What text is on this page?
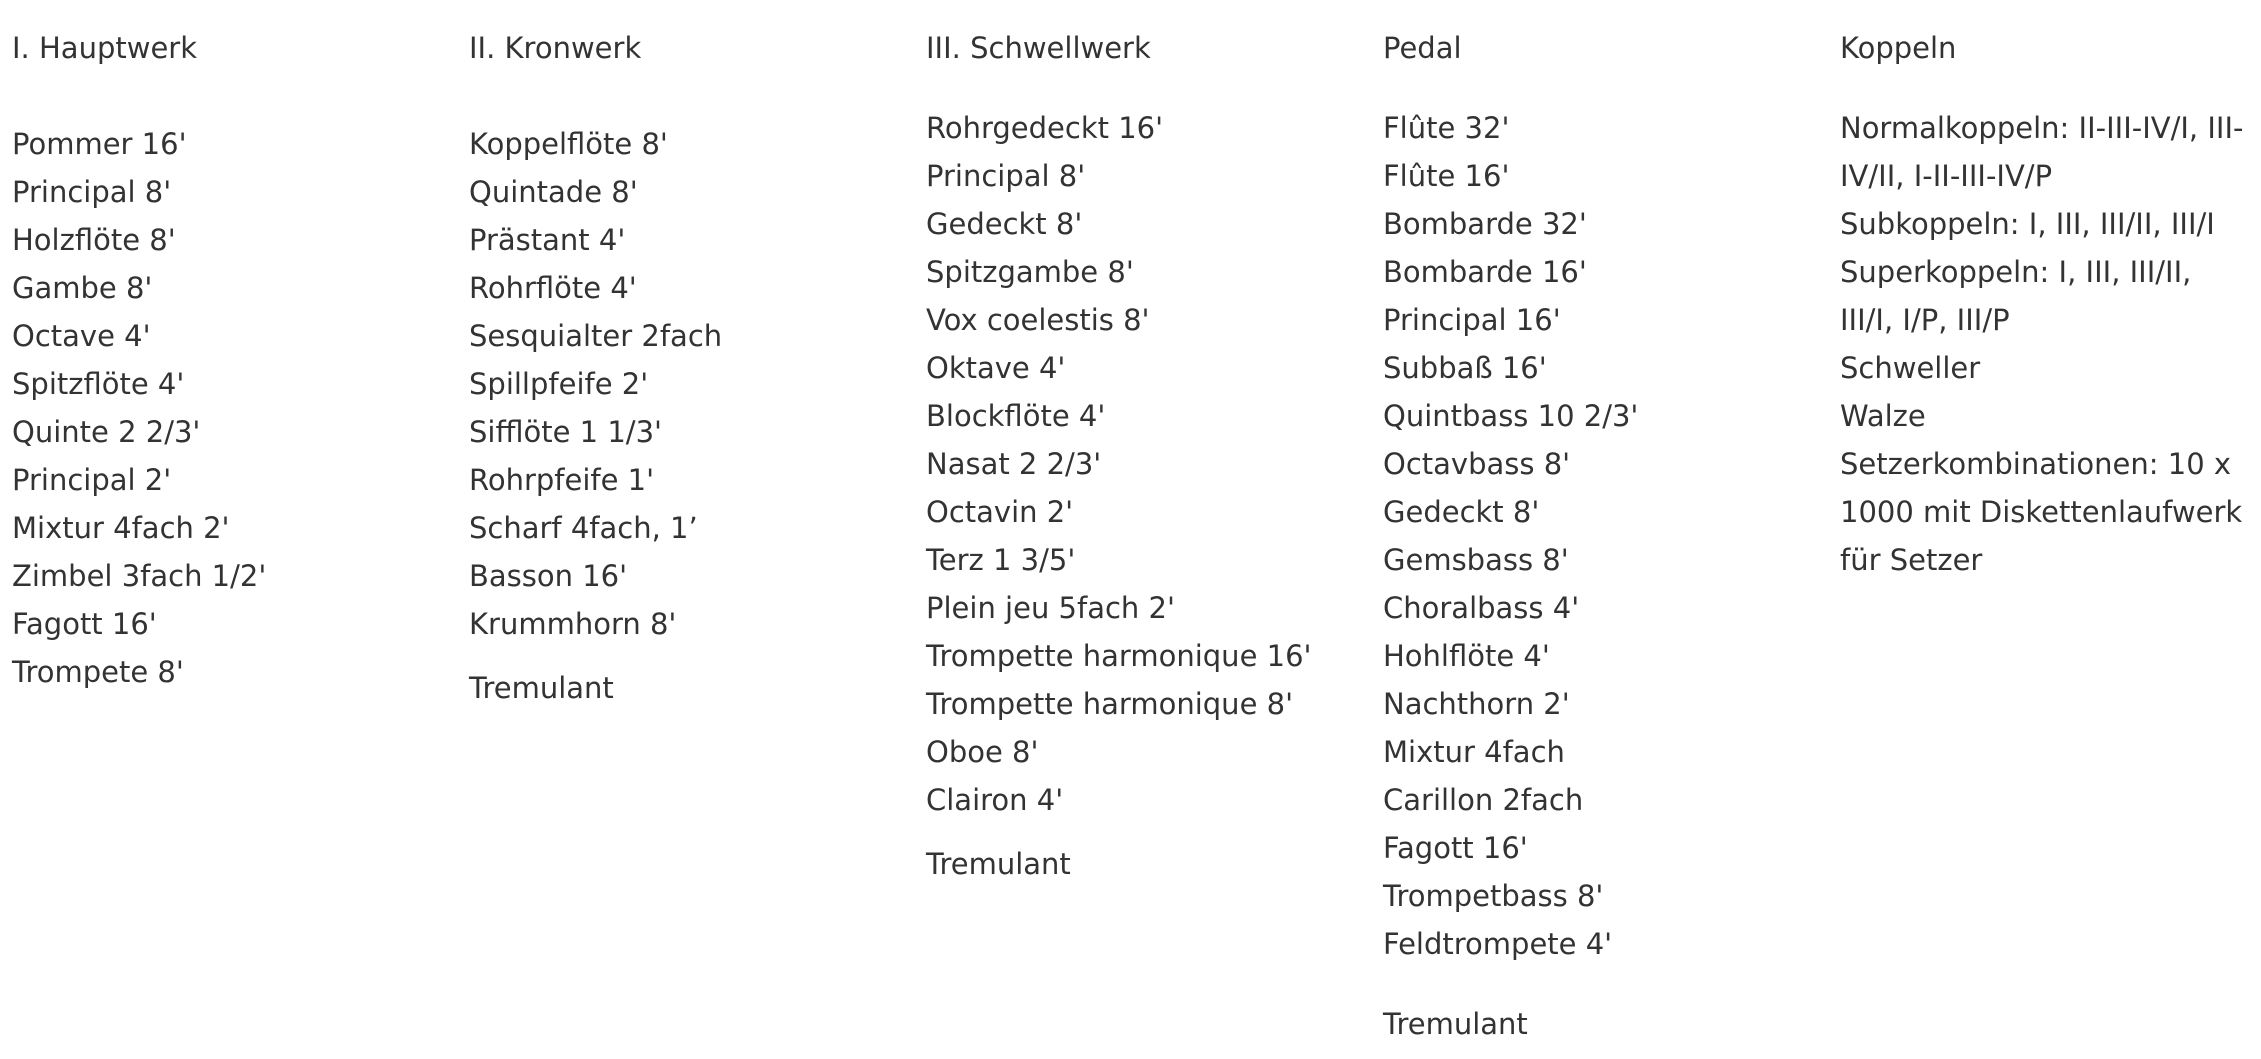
I. Hauptwerk
Pommer 16'
Principal 8'
Holzflöte 8'
Gambe 8'
Octave 4'
Spitzflöte 4'
Quinte 2 2/3'
Principal 2'
Mixtur 4fach 2'
Zimbel 3fach 1/2'
Fagott 16'
Trompete 8'
II. Kronwerk
Koppelflöte 8'
Quintade 8'
Prästant 4'
Rohrflöte 4'
Sesquialter 2fach
Spillpfeife 2'
Sifflöte 1 1/3'
Rohrpfeife 1'
Scharf 4fach, 1’
Basson 16'
Krummhorn 8'
Tremulant
III. Schwellwerk
Rohrgedeckt 16'
Principal 8'
Gedeckt 8'
Spitzgambe 8'
Vox coelestis 8'
Oktave 4'
Blockflöte 4'
Nasat 2 2/3'
Octavin 2'
Terz 1 3/5'
Plein jeu 5fach 2'
Trompette harmonique 16'
Trompette harmonique 8'
Oboe 8'
Clairon 4'
Tremulant
Pedal
Flûte 32'
Flûte 16'
Bombarde 32'
Bombarde 16'
Principal 16'
Subbaß 16'
Quintbass 10 2/3'
Octavbass 8'
Gedeckt 8'
Gemsbass 8'
Choralbass 4'
Hohlflöte 4'
Nachthorn 2'
Mixtur 4fach
Carillon 2fach
Fagott 16'
Trompetbass 8'
Feldtrompete 4'
Tremulant
Koppeln
Normalkoppeln: II-III-IV/I, III-IV/II, I-II-III-IV/P
Subkoppeln: I, III, III/II, III/I
Superkoppeln: I, III, III/II, III/I, I/P, III/P
Schweller
Walze
Setzerkombinationen: 10 x 1000 mit Diskettenlaufwerk für Setzer
